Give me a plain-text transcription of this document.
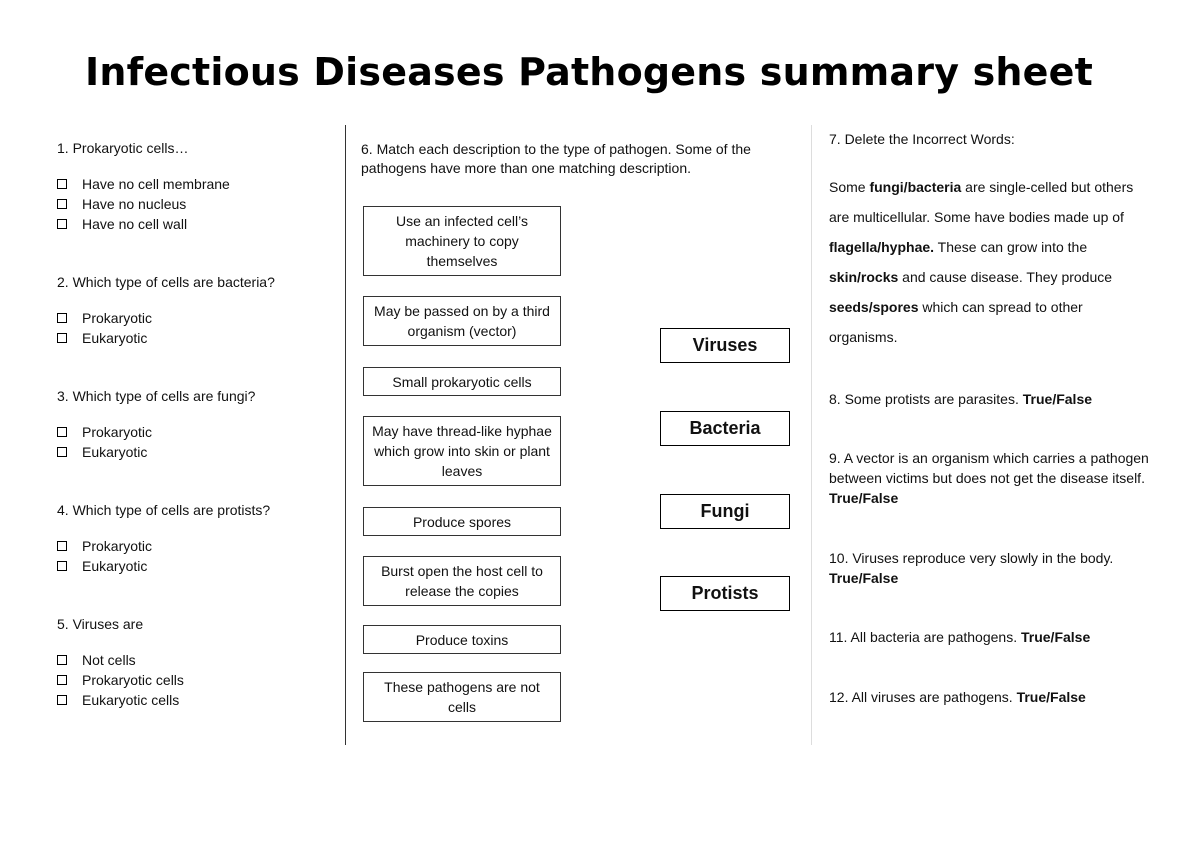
Infectious Diseases Pathogens summary sheet

1. Prokaryotic cells…

Have no cell membrane
Have no nucleus
Have no cell wall

2. Which type of cells are bacteria?

Prokaryotic
Eukaryotic

3. Which type of cells are fungi?

Prokaryotic
Eukaryotic

4. Which type of cells are protists?

Prokaryotic
Eukaryotic

5. Viruses are

Not cells
Prokaryotic cells
Eukaryotic cells
6. Match each description to the type of pathogen. Some of the pathogens have more than one matching description.
Use an infected cell’s machinery to copy themselves
May be passed on by a third organism (vector)
Small prokaryotic cells
May have thread-like hyphae which grow into skin or plant leaves
Produce spores
Burst open the host cell to release the copies
Produce toxins
These pathogens are not cells
Viruses
Bacteria
Fungi
Protists
7. Delete the Incorrect Words:
Some fungi/bacteria are single-celled but others are multicellular. Some have bodies made up of flagella/hyphae. These can grow into the skin/rocks and cause disease. They produce seeds/spores which can spread to other organisms.
8. Some protists are parasites. True/False
9. A vector is an organism which carries a pathogen between victims but does not get the disease itself. True/False
10. Viruses reproduce very slowly in the body. True/False
11. All bacteria are pathogens. True/False
12. All viruses are pathogens. True/False
